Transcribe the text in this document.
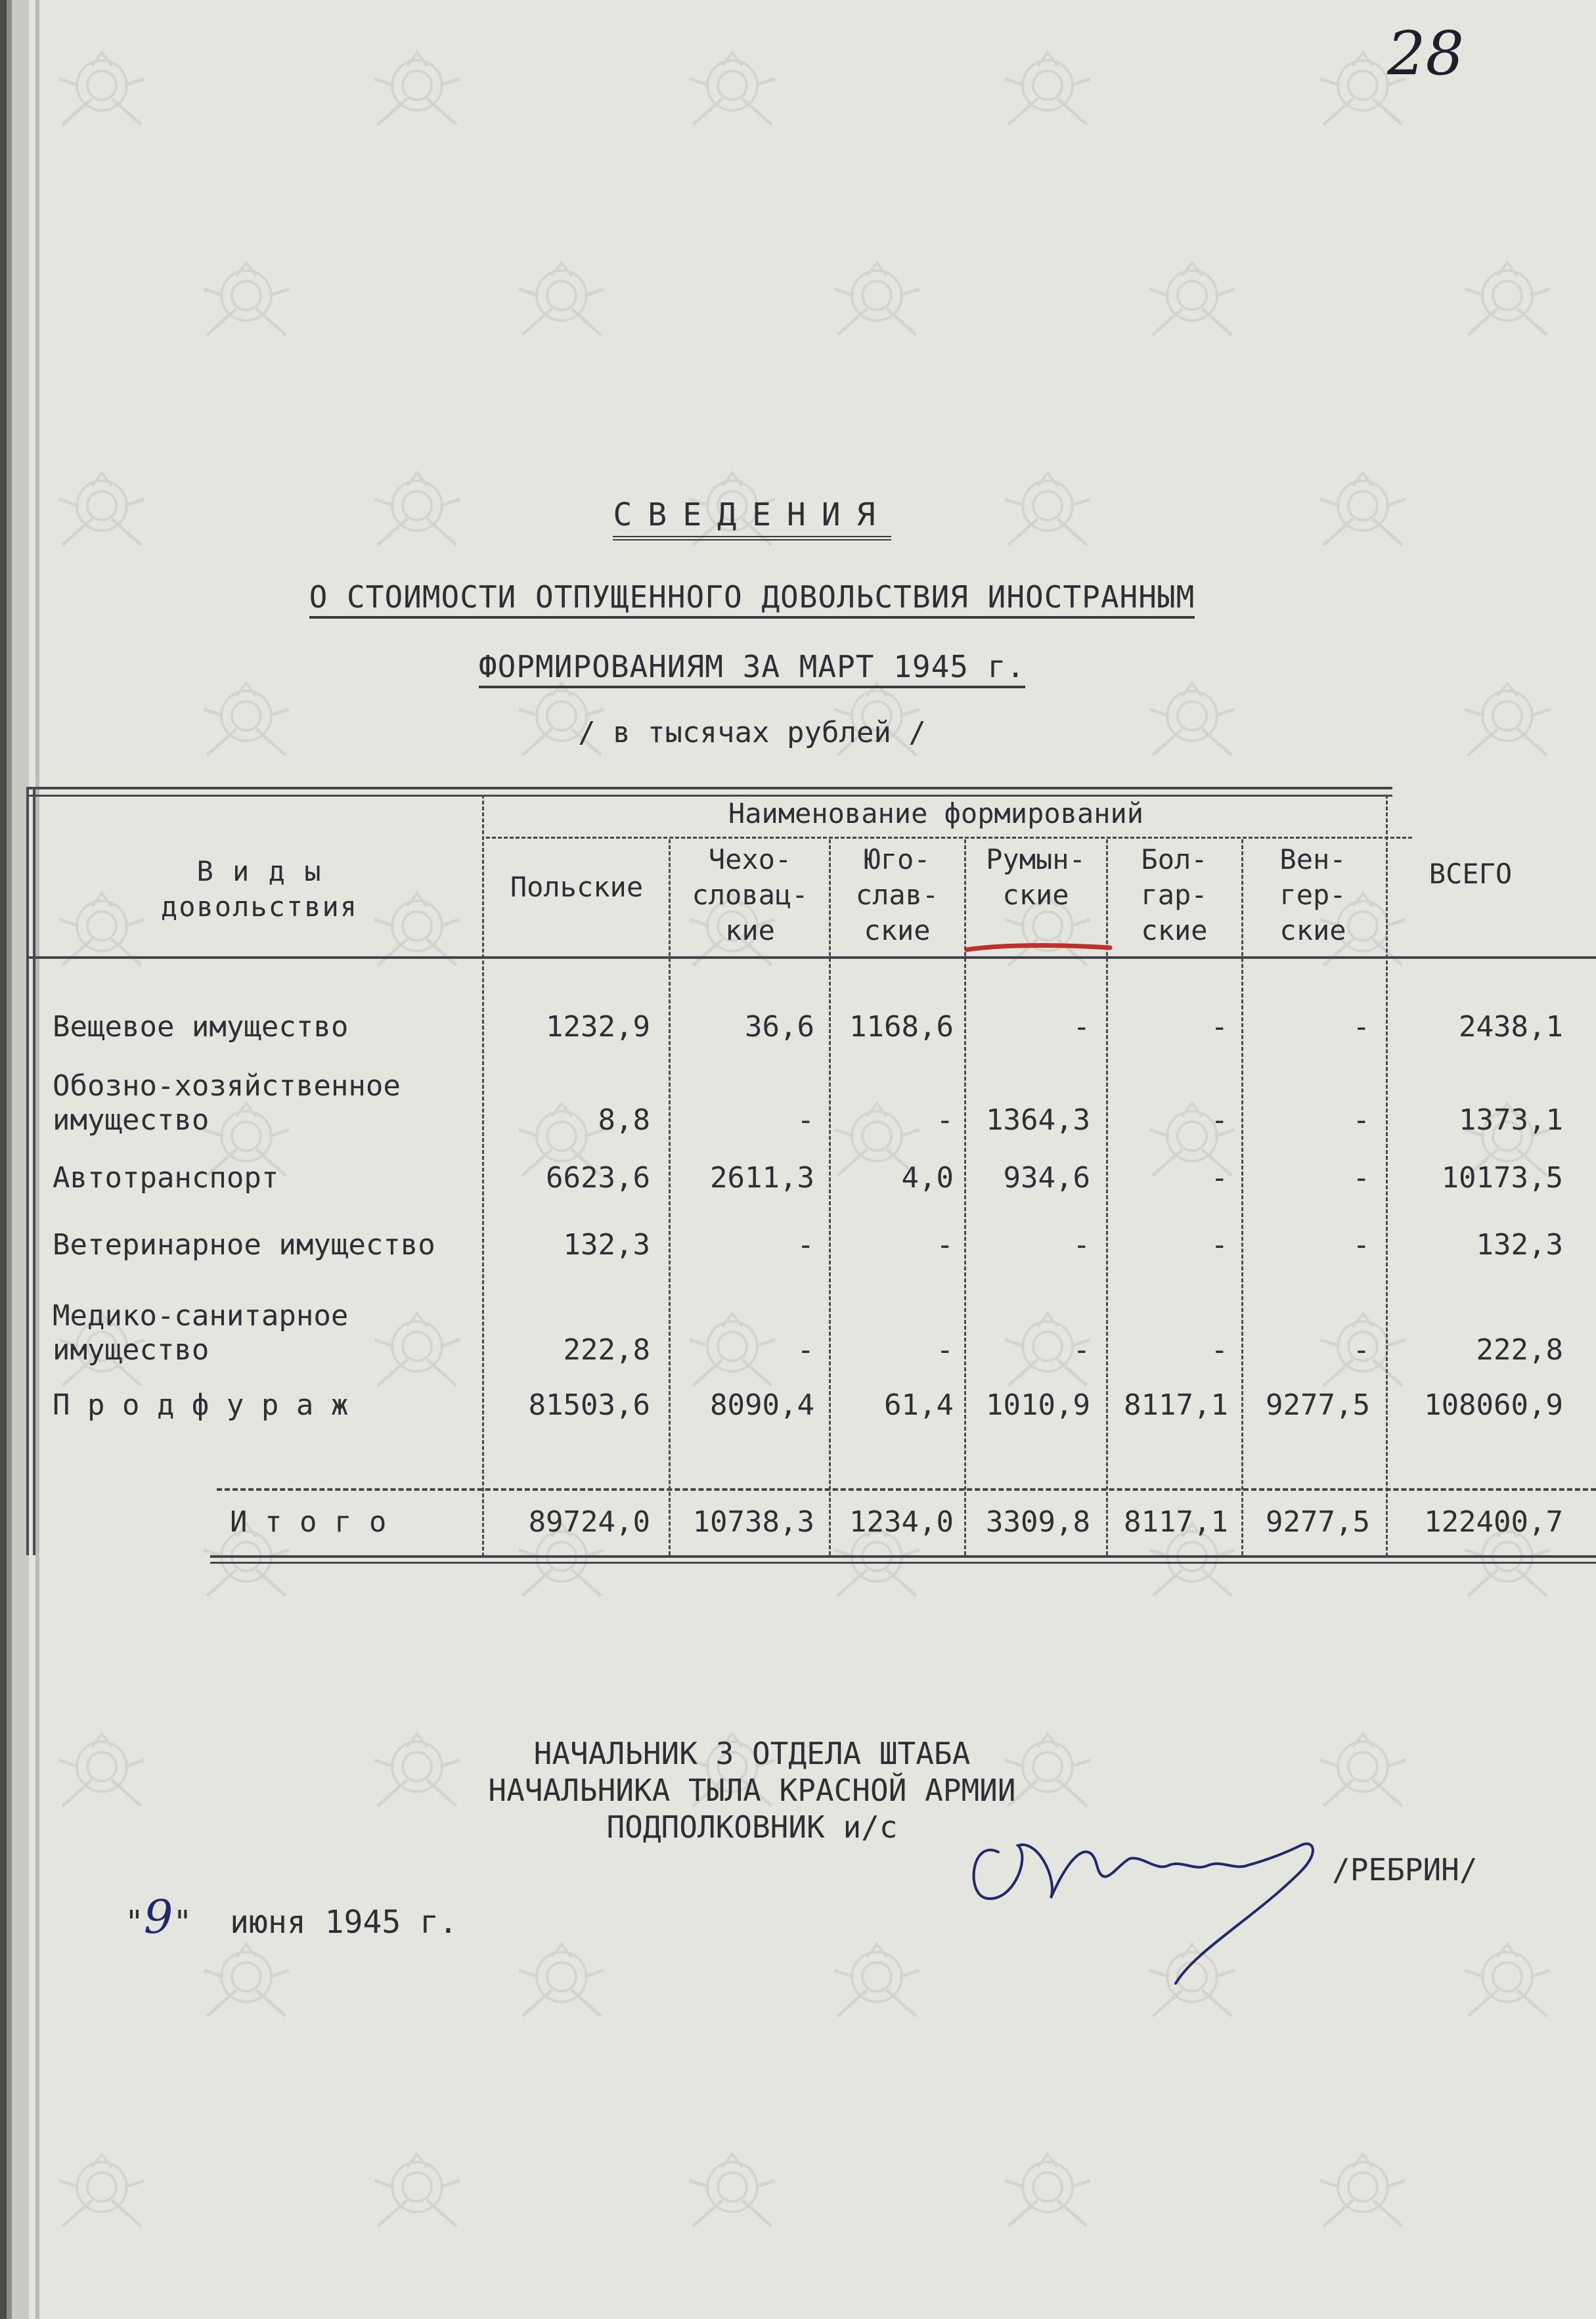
28
СВЕДЕНИЯ
О СТОИМОСТИ ОТПУЩЕННОГО ДОВОЛЬСТВИЯ ИНОСТРАННЫМ
ФОРМИРОВАНИЯМ ЗА МАРТ 1945 г.
/ в тысячах рублей /
Наименование формирований
В и д ы
довольствия
Польские
Чехо-
словац-
кие
Юго-
слав-
ские
Румын-
ские
Бол-
гар-
ские
Вен-
гер-
ские
ВСЕГО
Вещевое имущество	1232,9	36,6	1168,6	-	-	-	2438,1
Обозно-хозяйственное
имущество	8,8	-	-	1364,3	-	-	1373,1
Автотранспорт	6623,6	2611,3	4,0	934,6	-	-	10173,5
Ветеринарное имущество	132,3	-	-	-	-	-	132,3
Медико-санитарное
имущество	222,8	-	-	-	-	-	222,8
П р о д ф у р а ж	81503,6	8090,4	61,4	1010,9	8117,1	9277,5	108060,9
И т о г о	89724,0	10738,3	1234,0	3309,8	8117,1	9277,5	122400,7
НАЧАЛЬНИК 3 ОТДЕЛА ШТАБА
НАЧАЛЬНИКА ТЫЛА КРАСНОЙ АРМИИ
ПОДПОЛКОВНИК и/с
/РЕБРИН/
"9" июня 1945 г.
